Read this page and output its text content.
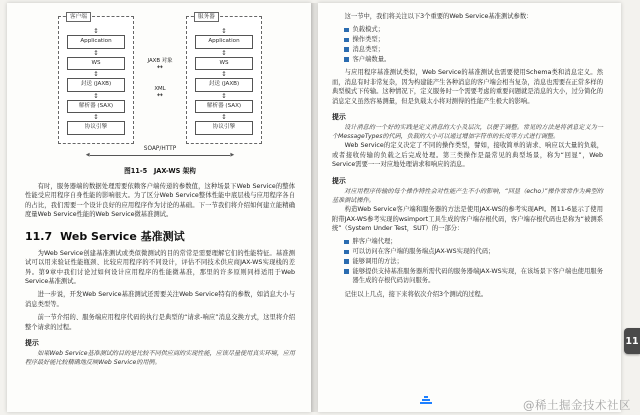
客户端
↕
Application
↕
WS
↕
封送 (JAXB)
↕
解析器 (SAX)
↕
协议引擎
JAXB 对象
↔
XML
↔
服务器
↕
Application
↕
WS
↕
封送 (JAXB)
↕
解析器 (SAX)
↕
协议引擎
SOAP/HTTP
◀ ▶
图11-5　JAX-WS 架构

有时，服务器端的数据处理需要依赖客户端传递的参数值，这种场景下Web Service的整体性能受应用程序自身性能的影响很大。为了区分Web Service整体性能中底层栈与应用程序各自的占比，我们需要一个设计良好的应用程序作为讨论的基础。下一节我们将介绍如何建立能精确度量Web Service性能的Web Service微基准测试。

11.7 Web Service 基准测试

为Web Service创建基准测试或类似微测试的目的常常是需要理解它们的性能特征。基准测试可以用来验证性能瓶颈、比较应用程序的不同设计，评估不同技术供应商JAX-WS实现栈的差异。第9章中我们讨论过如何设计应用程序的性能微基准，那里的许多原则同样适用于Web Service基准测试。

进一步说，开发Web Service基准测试还需要关注Web Service特有的参数，如消息大小与消息类型等。

前一节介绍的、服务端应用程序代码的执行是典型的“请求-响应”消息交换方式，这里将介绍整个请求的过程。

提示
如果Web Service基准测试的目的是比较不同供应商的实现性能，应该尽量使用真实环境，应用程序最好能比较精确地反映Web Service的用例。

这一节中，我们将关注以下3个重要的Web Service基准测试参数：

负载模式；
操作类型；
消息类型；
客户端数量。

与应用程序基准测试类似，Web Service的基准测试也需要使用Schema类和消息定义。然而，消息有时非常复杂，因为构建能产生各种消息的客户端会相当复杂，消息也需要在正常多样的典型模式下传输。这种情况下，定义服务时一个需要考虑的重要问题就是消息的大小，过分简化的消息定义虽然容易测量，但是负载太小将对测得的性能产生极大的影响。

提示
设计消息的一个好的实践是定义消息的大小及层次，以便于调整。常见的方法是将消息定义为一个MessageTypes的代码，负载的大小可以通过增加字符串的长度等方式进行调整。

Web Service的定义决定了不同的操作类型，譬如，接收简单的请求、响应以大量的负载，或者接收传输的负载之后完成处理。第三类操作是最常见的典型场景，称为“回显”，Web Service需要一一对应地处理请求和响应的消息。

提示
对应用程序传输的每个操作特性会对性能产生不小的影响，“回显（echo）”操作常常作为典型的基准测试操作。

构造Web Service客户端和服务器的方法是使用JAX-WS的参考实现API。图11-6显示了使用附带JAX-WS参考实现的wsimport工具生成的客户端存根代码，客户端存根代码也是称为“被测系统”（System Under Test，SUT）的一部分：

胖客户端代理；
可以访问在客户端的服务端点JAX-WS实现的代码；
能够调用的方法；
能够提供支持基准服务器所需代码的服务器端JAX-WS实现，在该场景下客户端也使用服务器生成的存根代码访问服务。

记住以上几点，接下来将依次介绍3个测试的过程。

11
@稀土掘金技术社区
